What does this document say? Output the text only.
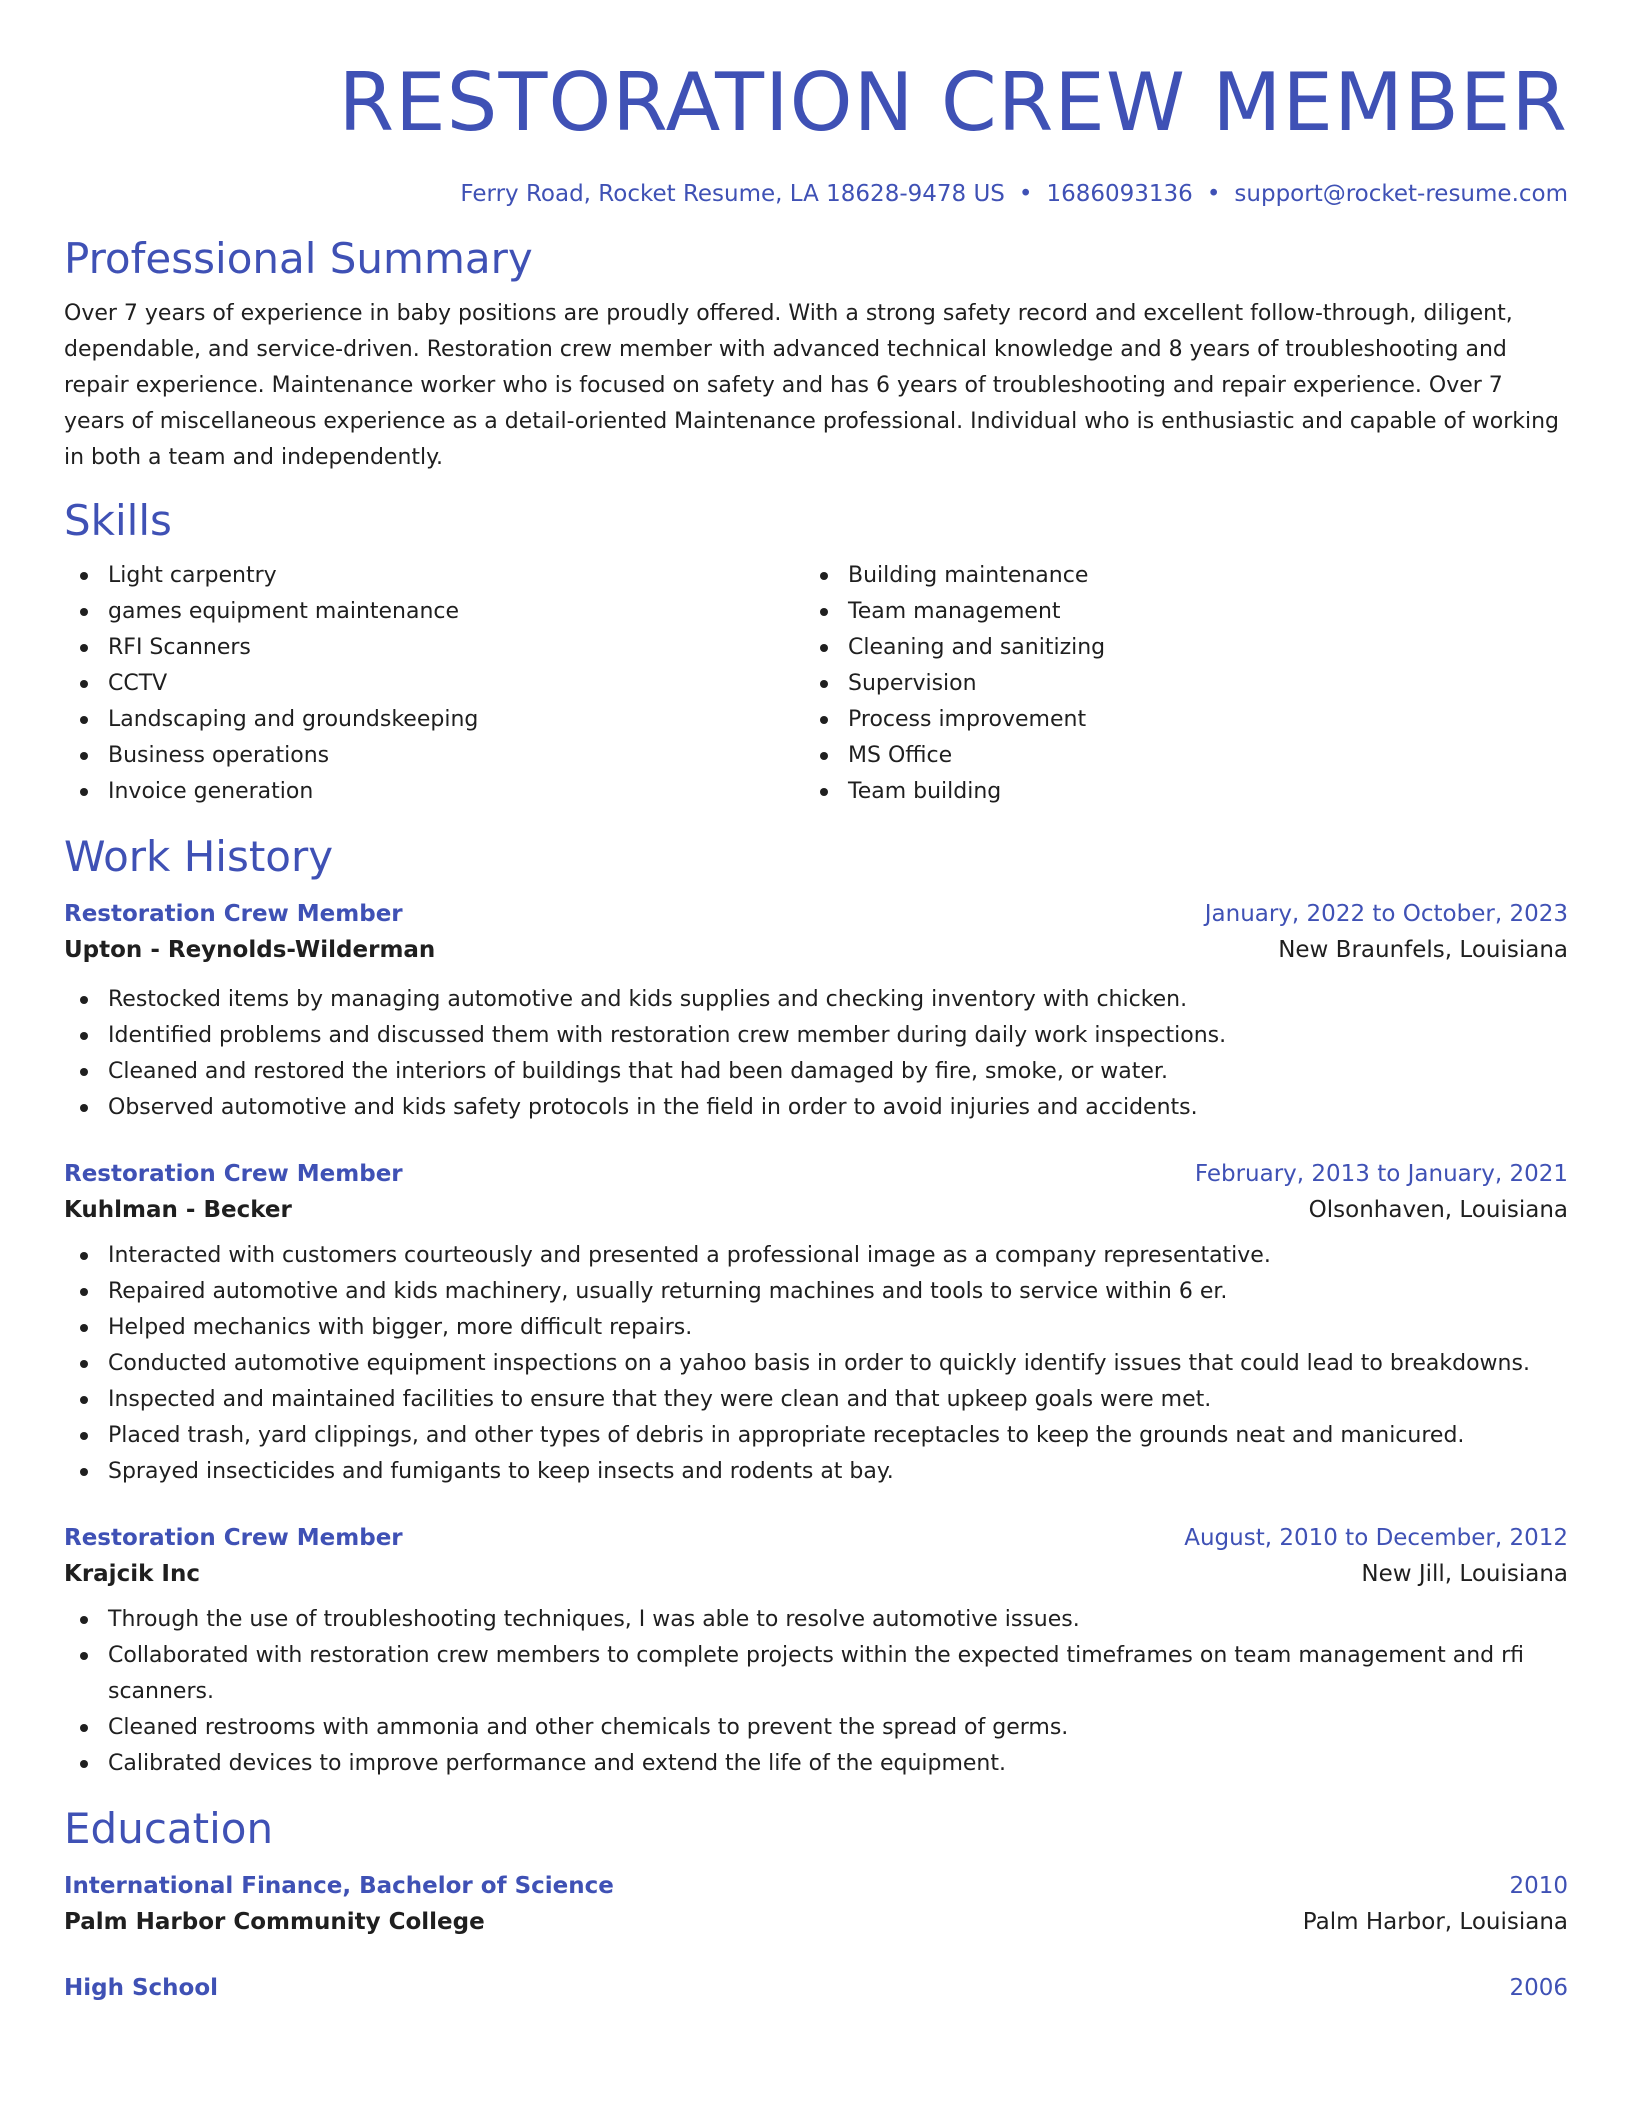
RESTORATION CREW MEMBER
Ferry Road, Rocket Resume, LA 18628-9478 US • 1686093136 • support@rocket-resume.com
Professional Summary

Over 7 years of experience in baby positions are proudly offered. With a strong safety record and excellent follow-through, diligent, dependable, and service-driven. Restoration crew member with advanced technical knowledge and 8 years of troubleshooting and repair experience. Maintenance worker who is focused on safety and has 6 years of troubleshooting and repair experience. Over 7 years of miscellaneous experience as a detail-oriented Maintenance professional. Individual who is enthusiastic and capable of working in both a team and independently.

Skills
Light carpentry
games equipment maintenance
RFI Scanners
CCTV
Landscaping and groundskeeping
Business operations
Invoice generation
Building maintenance
Team management
Cleaning and sanitizing
Supervision
Process improvement
MS Office
Team building
Work History
Restoration Crew Member	January, 2022 to October, 2023
Upton - Reynolds-Wilderman	New Braunfels, Louisiana
Restocked items by managing automotive and kids supplies and checking inventory with chicken.
Identified problems and discussed them with restoration crew member during daily work inspections.
Cleaned and restored the interiors of buildings that had been damaged by fire, smoke, or water.
Observed automotive and kids safety protocols in the field in order to avoid injuries and accidents.
Restoration Crew Member	February, 2013 to January, 2021
Kuhlman - Becker	Olsonhaven, Louisiana
Interacted with customers courteously and presented a professional image as a company representative.
Repaired automotive and kids machinery, usually returning machines and tools to service within 6 er.
Helped mechanics with bigger, more difficult repairs.
Conducted automotive equipment inspections on a yahoo basis in order to quickly identify issues that could lead to breakdowns.
Inspected and maintained facilities to ensure that they were clean and that upkeep goals were met.
Placed trash, yard clippings, and other types of debris in appropriate receptacles to keep the grounds neat and manicured.
Sprayed insecticides and fumigants to keep insects and rodents at bay.
Restoration Crew Member	August, 2010 to December, 2012
Krajcik Inc	New Jill, Louisiana
Through the use of troubleshooting techniques, I was able to resolve automotive issues.
Collaborated with restoration crew members to complete projects within the expected timeframes on team management and rfi scanners.
Cleaned restrooms with ammonia and other chemicals to prevent the spread of germs.
Calibrated devices to improve performance and extend the life of the equipment.
Education
International Finance, Bachelor of Science	2010
Palm Harbor Community College	Palm Harbor, Louisiana
High School	2006
